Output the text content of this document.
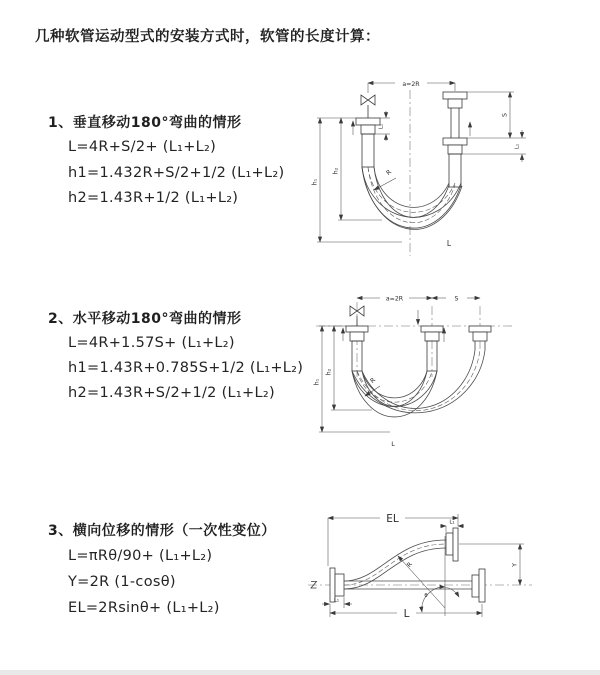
几种软管运动型式的安装方式时，软管的长度计算：
1、垂直移动180°弯曲的情形
L=4R+S/2+ (L₁+L₂)
h1=1.432R+S/2+1/2 (L₁+L₂)
h2=1.43R+1/2 (L₁+L₂)
2、水平移动180°弯曲的情形
L=4R+1.57S+ (L₁+L₂)
h1=1.43R+0.785S+1/2 (L₁+L₂)
h2=1.43R+S/2+1/2 (L₁+L₂)
3、横向位移的情形（一次性变位）
L=πRθ/90+ (L₁+L₂)
Y=2R (1-cosθ)
EL=2Rsinθ+ (L₁+L₂)
a=2R
h₁
h₂
L₁
S
L₁
R
L
a=2R	S
h₁
h₂
R
L
EL	L₁
Y
R
θ
L
L₁
